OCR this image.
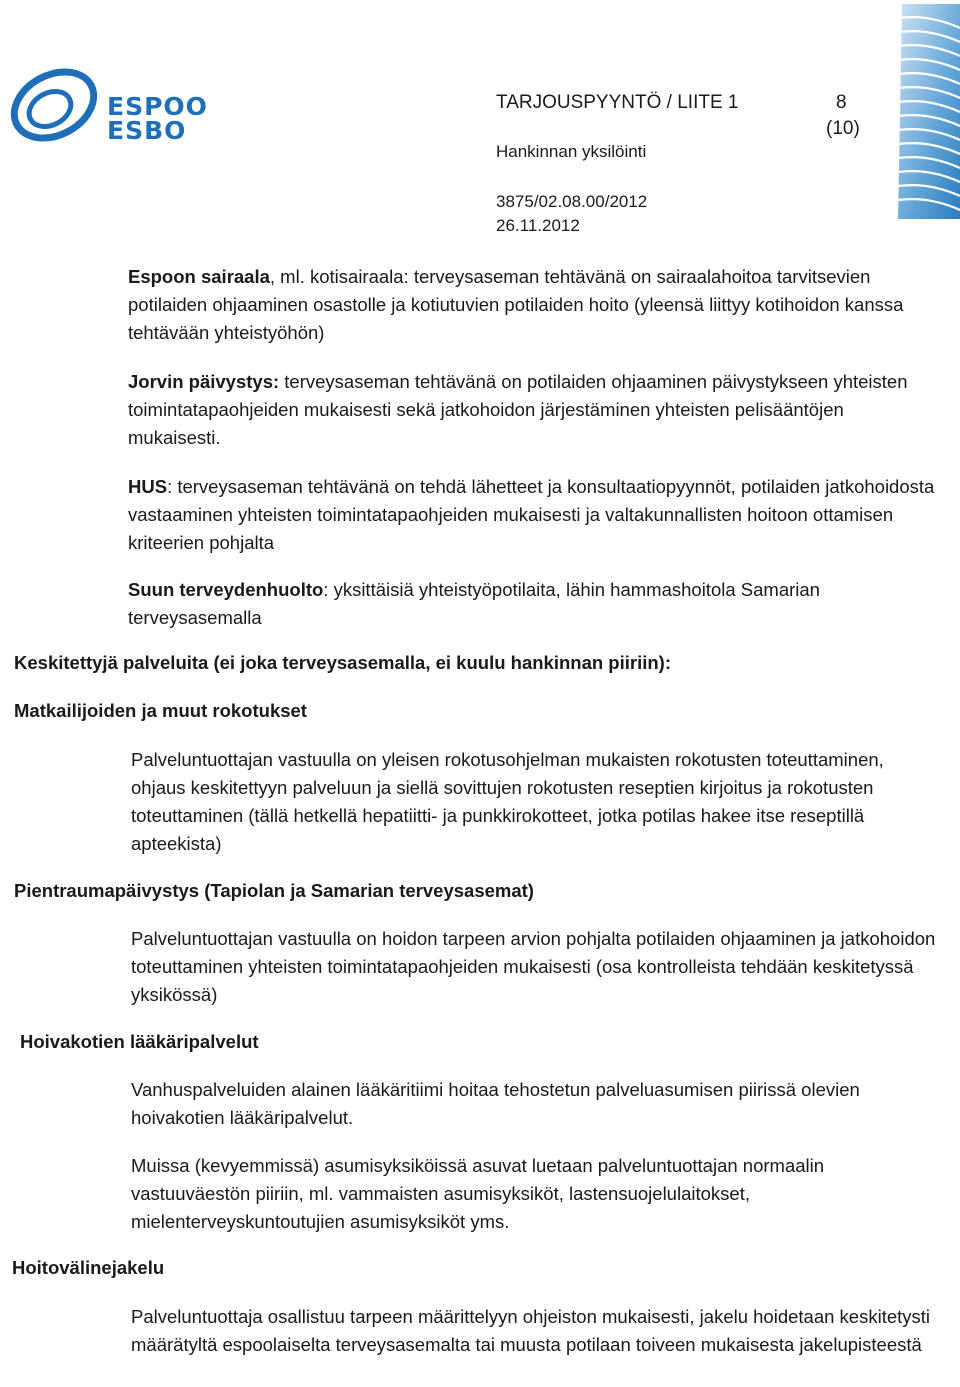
ESPOO
ESBO
TARJOUSPYYNTÖ / LIITE 1	8
(10)
Hankinnan yksilöinti
3875/02.08.00/2012
26.11.2012

Espoon sairaala, ml. kotisairaala: terveysaseman tehtävänä on sairaalahoitoa tarvitsevien potilaiden ohjaaminen osastolle ja kotiutuvien potilaiden hoito (yleensä liittyy kotihoidon kanssa tehtävään yhteistyöhön)

Jorvin päivystys: terveysaseman tehtävänä on potilaiden ohjaaminen päivystykseen yhteisten toimintatapaohjeiden mukaisesti sekä jatkohoidon järjestäminen yhteisten pelisääntöjen mukaisesti.

HUS: terveysaseman tehtävänä on tehdä lähetteet ja konsultaatiopyynnöt, potilaiden jatkohoidosta vastaaminen yhteisten toimintatapaohjeiden mukaisesti ja valtakunnallisten hoitoon ottamisen kriteerien pohjalta

Suun terveydenhuolto: yksittäisiä yhteistyöpotilaita, lähin hammashoitola Samarian terveysasemalla

Keskitettyjä palveluita (ei joka terveysasemalla, ei kuulu hankinnan piiriin):
Matkailijoiden ja muut rokotukset

Palveluntuottajan vastuulla on yleisen rokotusohjelman mukaisten rokotusten toteuttaminen, ohjaus keskitettyyn palveluun ja siellä sovittujen rokotusten reseptien kirjoitus ja rokotusten toteuttaminen (tällä hetkellä hepatiitti- ja punkkirokotteet, jotka potilas hakee itse reseptillä apteekista)

Pientraumapäivystys (Tapiolan ja Samarian terveysasemat)

Palveluntuottajan vastuulla on hoidon tarpeen arvion pohjalta potilaiden ohjaaminen ja jatkohoidon toteuttaminen yhteisten toimintatapaohjeiden mukaisesti (osa kontrolleista tehdään keskitetyssä yksikössä)

Hoivakotien lääkäripalvelut

Vanhuspalveluiden alainen lääkäritiimi hoitaa tehostetun palveluasumisen piirissä olevien hoivakotien lääkäripalvelut.

Muissa (kevyemmissä) asumisyksiköissä asuvat luetaan palveluntuottajan normaalin vastuuväestön piiriin, ml. vammaisten asumisyksiköt, lastensuojelulaitokset, mielenterveyskuntoutujien asumisyksiköt yms.

Hoitovälinejakelu

Palveluntuottaja osallistuu tarpeen määrittelyyn ohjeiston mukaisesti, jakelu hoidetaan keskitetysti määrätyltä espoolaiselta terveysasemalta tai muusta potilaan toiveen mukaisesta jakelupisteestä
